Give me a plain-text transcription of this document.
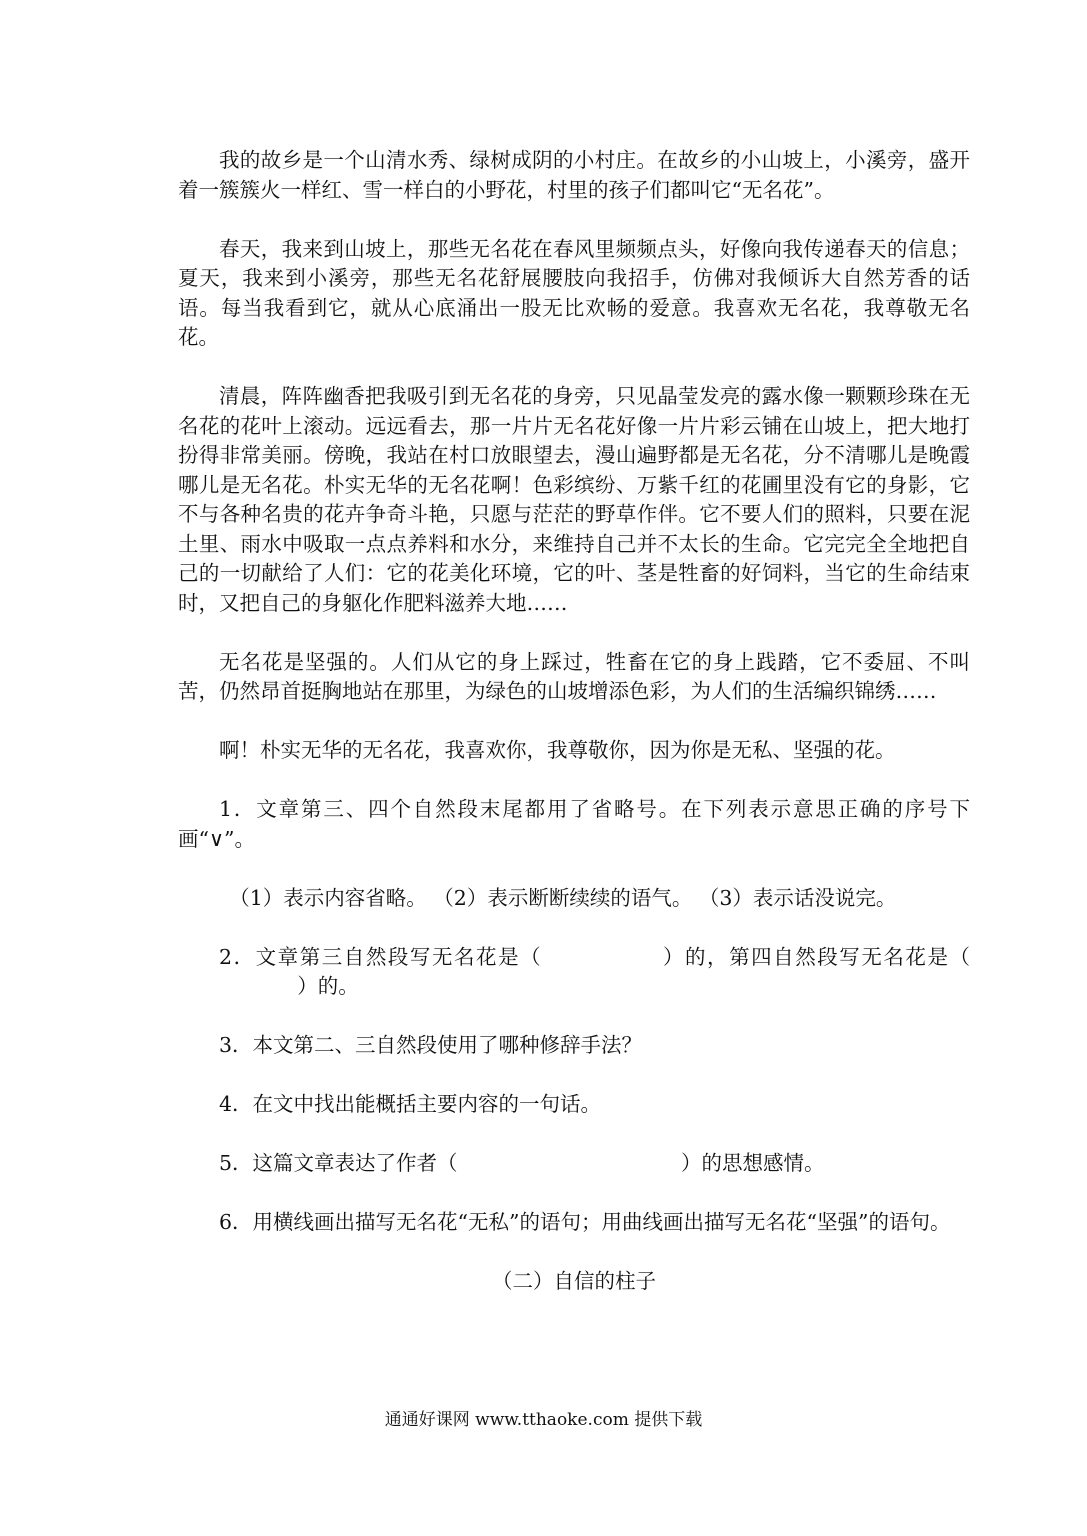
我的故乡是一个山清水秀、绿树成阴的小村庄。在故乡的小山坡上，小溪旁，盛开着一簇簇火一样红、雪一样白的小野花，村里的孩子们都叫它“无名花”。

春天，我来到山坡上，那些无名花在春风里频频点头，好像向我传递春天的信息；夏天，我来到小溪旁，那些无名花舒展腰肢向我招手，仿佛对我倾诉大自然芳香的话语。每当我看到它，就从心底涌出一股无比欢畅的爱意。我喜欢无名花，我尊敬无名花。

清晨，阵阵幽香把我吸引到无名花的身旁，只见晶莹发亮的露水像一颗颗珍珠在无名花的花叶上滚动。远远看去，那一片片无名花好像一片片彩云铺在山坡上，把大地打扮得非常美丽。傍晚，我站在村口放眼望去，漫山遍野都是无名花，分不清哪儿是晚霞哪儿是无名花。朴实无华的无名花啊！色彩缤纷、万紫千红的花圃里没有它的身影，它不与各种名贵的花卉争奇斗艳，只愿与茫茫的野草作伴。它不要人们的照料，只要在泥土里、雨水中吸取一点点养料和水分，来维持自己并不太长的生命。它完完全全地把自己的一切献给了人们：它的花美化环境，它的叶、茎是牲畜的好饲料，当它的生命结束时，又把自己的身躯化作肥料滋养大地……

无名花是坚强的。人们从它的身上踩过，牲畜在它的身上践踏，它不委屈、不叫苦，仍然昂首挺胸地站在那里，为绿色的山坡增添色彩，为人们的生活编织锦绣……

啊！朴实无华的无名花，我喜欢你，我尊敬你，因为你是无私、坚强的花。

1．文章第三、四个自然段末尾都用了省略号。在下列表示意思正确的序号下画“∨”。

（1）表示内容省略。 （2）表示断断续续的语气。 （3）表示话没说完。

2．文章第三自然段写无名花是（	）的，第四自然段写无名花是（            ）的。

3．本文第二、三自然段使用了哪种修辞手法？

4．在文中找出能概括主要内容的一句话。

5．这篇文章表达了作者（	）的思想感情。

6．用横线画出描写无名花“无私”的语句；用曲线画出描写无名花“坚强”的语句。

（二）自信的柱子

通通好课网 www.tthaoke.com 提供下载
